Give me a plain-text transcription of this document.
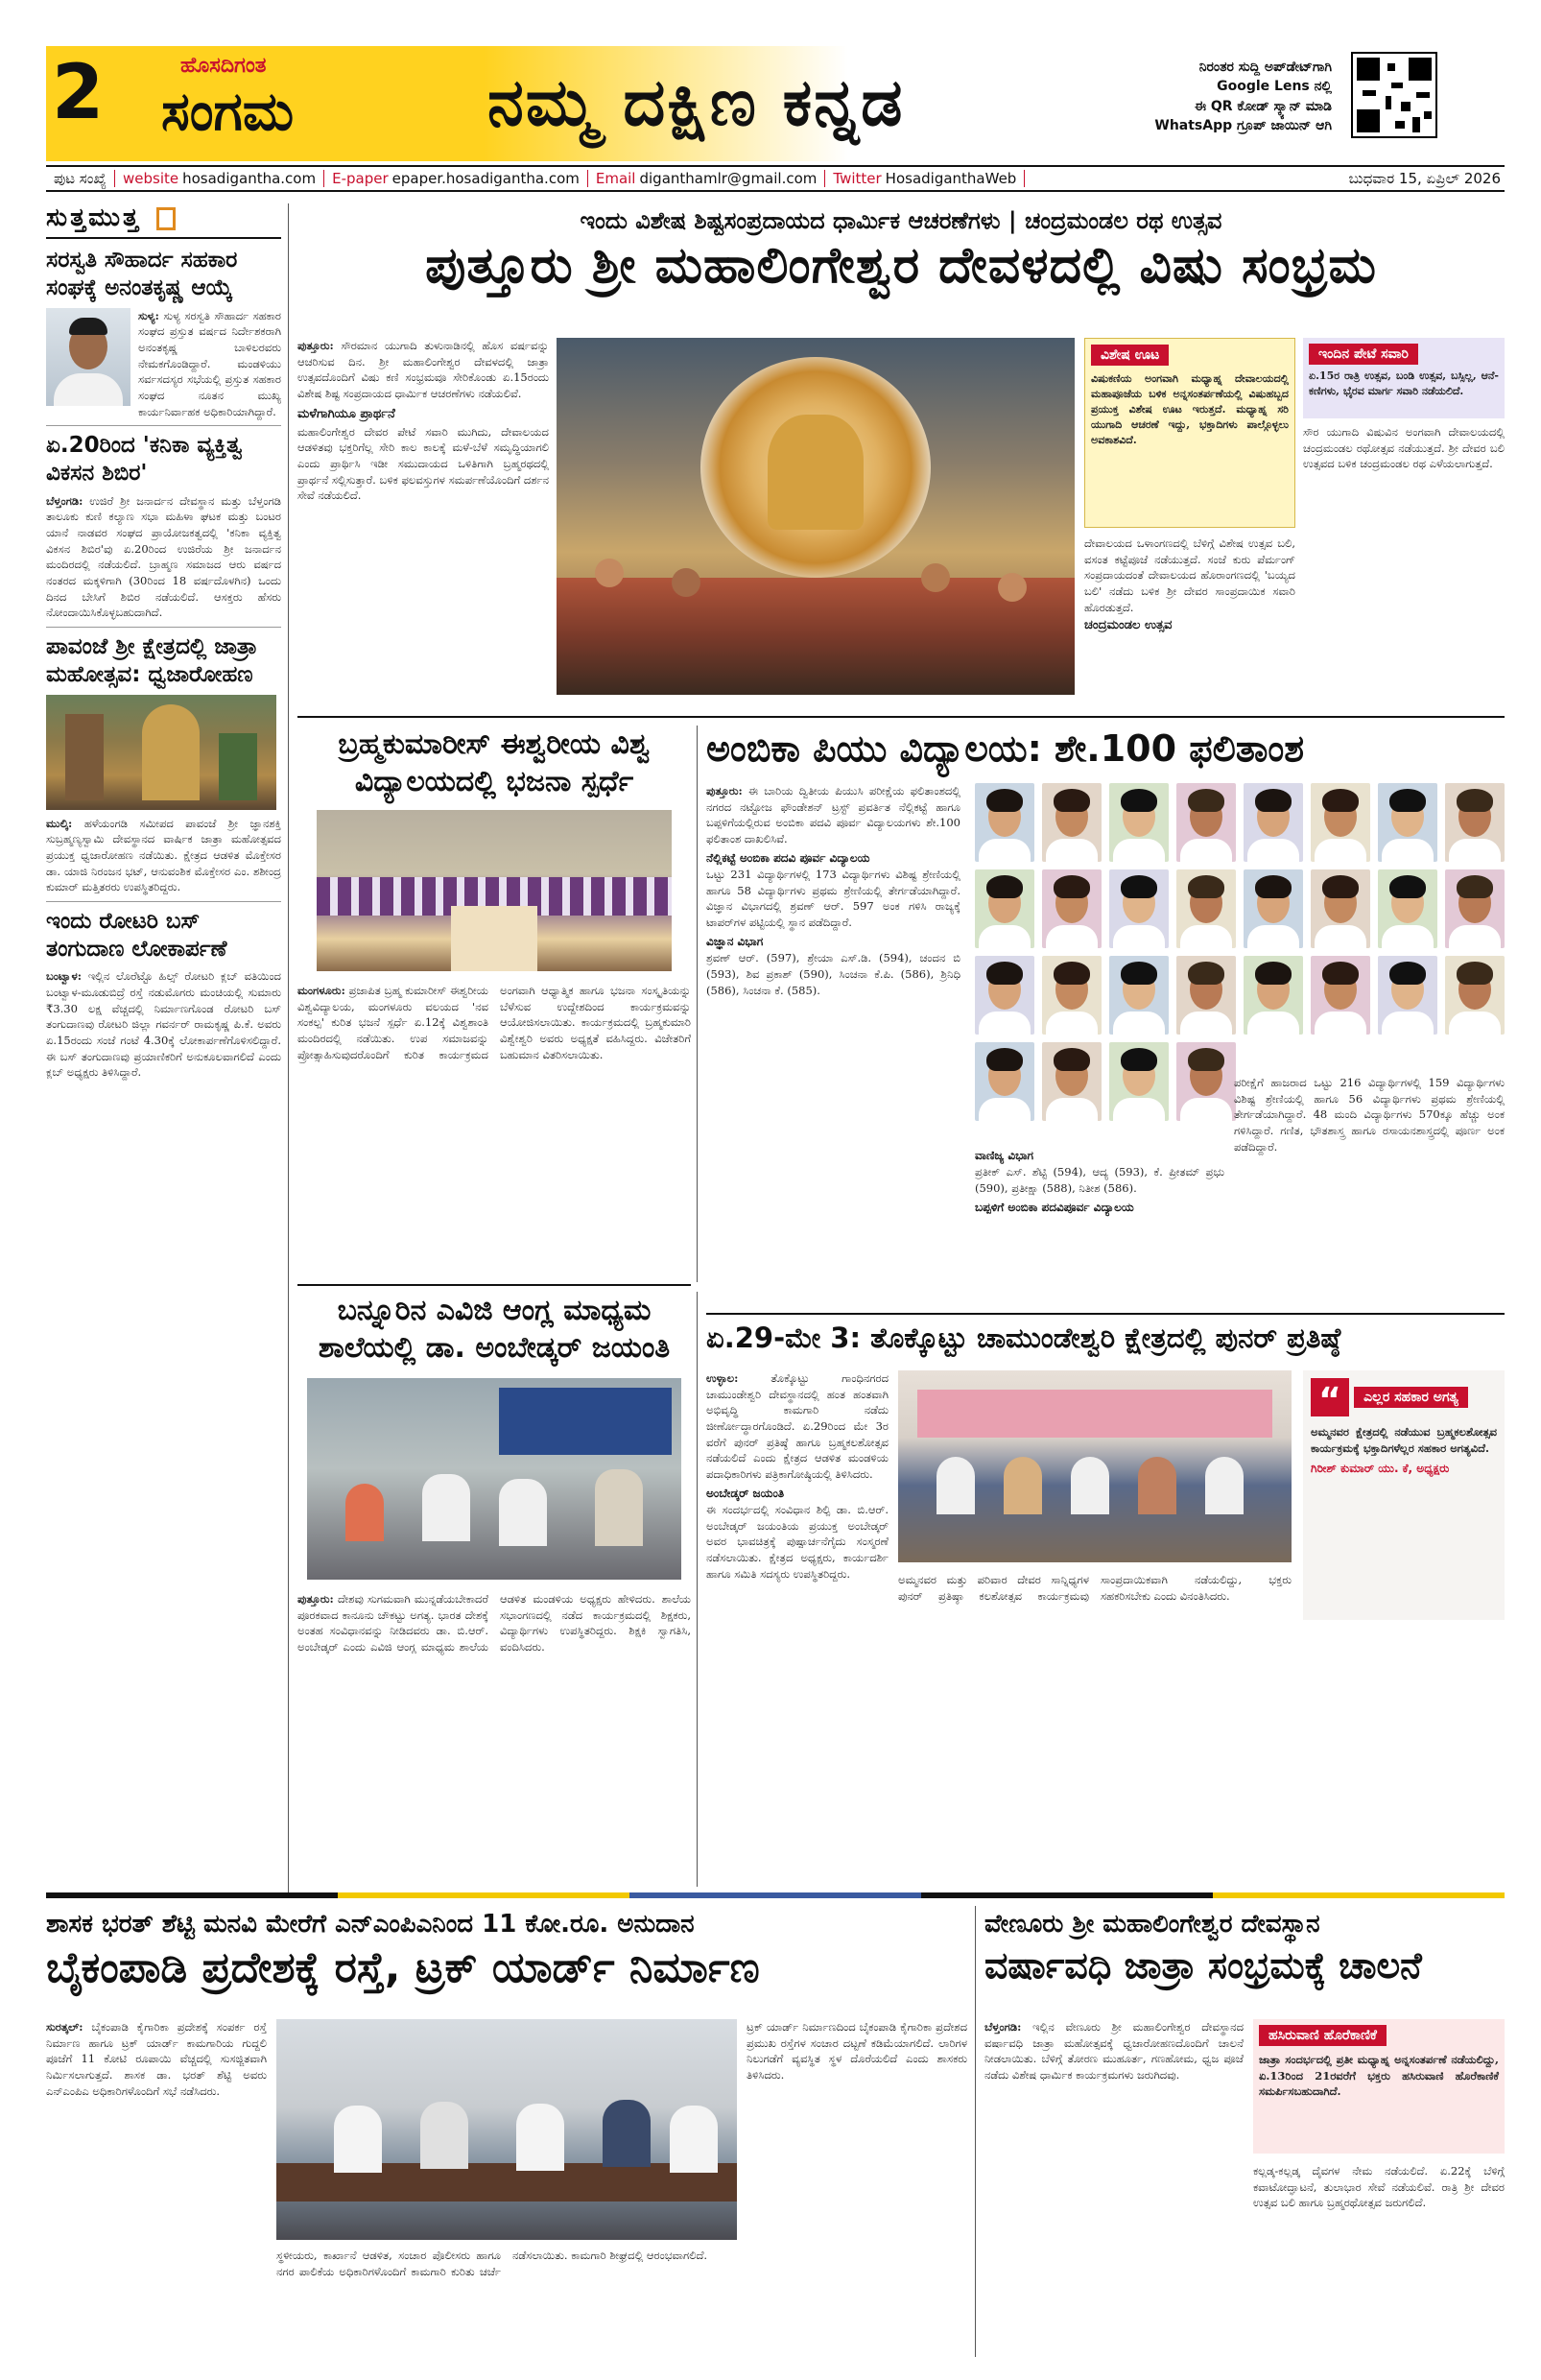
2	ಹೊಸದಿಗಂತ
ಸಂಗಮ	ನಮ್ಮ ದಕ್ಷಿಣ ಕನ್ನಡ	ನಿರಂತರ ಸುದ್ದಿ ಅಪ್‌ಡೇಟ್‌ಗಾಗಿ
Google Lens ನಲ್ಲಿ
ಈ QR ಕೋಡ್ ಸ್ಕ್ಯಾನ್ ಮಾಡಿ
WhatsApp ಗ್ರೂಪ್ ಜಾಯಿನ್ ಆಗಿ
ಪುಟ ಸಂಖ್ಯೆ	website hosadigantha.com	E-paper epaper.hosadigantha.com	Email diganthamlr@gmail.com	Twitter HosadiganthaWeb	ಬುಧವಾರ 15, ಏಪ್ರಿಲ್ 2026
ಸುತ್ತಮುತ್ತ
ಸರಸ್ವತಿ ಸೌಹಾರ್ದ ಸಹಕಾರ ಸಂಘಕ್ಕೆ ಅನಂತಕೃಷ್ಣ ಆಯ್ಕೆ
ಸುಳ್ಯ: ಸುಳ್ಯ ಸರಸ್ವತಿ ಸೌಹಾರ್ದ ಸಹಕಾರ ಸಂಘದ ಪ್ರಸ್ತುತ ವರ್ಷದ ನಿರ್ದೇಶಕರಾಗಿ ಅನಂತಕೃಷ್ಣ ಬಾಳಿಲರವರು ನೇಮಕಗೊಂಡಿದ್ದಾರೆ. ಮಂಡಳಿಯು ಸರ್ವಸದಸ್ಯರ ಸಭೆಯಲ್ಲಿ ಪ್ರಸ್ತುತ ಸಹಕಾರ ಸಂಘದ ನೂತನ ಮುಖ್ಯ ಕಾರ್ಯನಿರ್ವಾಹಕ ಅಧಿಕಾರಿಯಾಗಿದ್ದಾರೆ.
ಏ.20ರಿಂದ 'ಕನಿಕಾ ವ್ಯಕ್ತಿತ್ವ ವಿಕಸನ ಶಿಬಿರ'
ಬೆಳ್ತಂಗಡಿ: ಉಜಿರೆ ಶ್ರೀ ಜನಾರ್ದನ ದೇವಸ್ಥಾನ ಮತ್ತು ಬೆಳ್ತಂಗಡಿ ತಾಲೂಕು ಕುಣಿ ಕಲ್ಯಾಣ ಸಭಾ ಮಹಿಳಾ ಘಟಕ ಮತ್ತು ಬಂಟರ ಯಾನೆ ನಾಡವರ ಸಂಘದ ಪ್ರಾಯೋಜಕತ್ವದಲ್ಲಿ 'ಕನಿಕಾ ವ್ಯಕ್ತಿತ್ವ ವಿಕಸನ ಶಿಬಿರ'ವು ಏ.20ರಿಂದ ಉಜಿರೆಯ ಶ್ರೀ ಜನಾರ್ದನ ಮಂದಿರದಲ್ಲಿ ನಡೆಯಲಿದೆ. ಬ್ರಾಹ್ಮಣ ಸಮಾಜದ ಆರು ವರ್ಷದ ನಂತರದ ಮಕ್ಕಳಿಗಾಗಿ (30ರಿಂದ 18 ವರ್ಷದೊಳಗಿನ) ಒಂದು ದಿನದ ಬೇಸಿಗೆ ಶಿಬಿರ ನಡೆಯಲಿದೆ. ಆಸಕ್ತರು ಹೆಸರು ನೋಂದಾಯಿಸಿಕೊಳ್ಳಬಹುದಾಗಿದೆ.
ಪಾವಂಜೆ ಶ್ರೀ ಕ್ಷೇತ್ರದಲ್ಲಿ ಜಾತ್ರಾ ಮಹೋತ್ಸವ: ಧ್ವಜಾರೋಹಣ
ಮುಲ್ಕಿ: ಹಳೆಯಂಗಡಿ ಸಮೀಪದ ಪಾವಂಜೆ ಶ್ರೀ ಜ್ಞಾನಶಕ್ತಿ ಸುಬ್ರಹ್ಮಣ್ಯಸ್ವಾಮಿ ದೇವಸ್ಥಾನದ ವಾರ್ಷಿಕ ಜಾತ್ರಾ ಮಹೋತ್ಸವದ ಪ್ರಯುಕ್ತ ಧ್ವಜಾರೋಹಣ ನಡೆಯಿತು. ಕ್ಷೇತ್ರದ ಆಡಳಿತ ಮೊಕ್ತೇಸರ ಡಾ. ಯಾಜಿ ನಿರಂಜನ ಭಟ್, ಆನುವಂಶಿಕ ಮೊಕ್ತೇಸರ ಎಂ. ಶಶೀಂದ್ರ ಕುಮಾರ್ ಮತ್ತಿತರರು ಉಪಸ್ಥಿತರಿದ್ದರು.
ಇಂದು ರೋಟರಿ ಬಸ್ ತಂಗುದಾಣ ಲೋಕಾರ್ಪಣೆ
ಬಂಟ್ವಾಳ: ಇಲ್ಲಿನ ಲೊರೆಟ್ಟೊ ಹಿಲ್ಸ್ ರೋಟರಿ ಕ್ಲಬ್ ವತಿಯಿಂದ ಬಂಟ್ವಾಳ-ಮೂಡುಬಿದ್ರೆ ರಸ್ತೆ ನಡುಮೊಗರು ಮಂಚಿಯಲ್ಲಿ ಸುಮಾರು ₹3.30 ಲಕ್ಷ ವೆಚ್ಚದಲ್ಲಿ ನಿರ್ಮಾಣಗೊಂಡ ರೋಟರಿ ಬಸ್ ತಂಗುದಾಣವು ರೋಟರಿ ಜಿಲ್ಲಾ ಗವರ್ನರ್ ರಾಮಕೃಷ್ಣ ಪಿ.ಕೆ. ಅವರು ಏ.15ರಂದು ಸಂಜೆ ಗಂಟೆ 4.30ಕ್ಕೆ ಲೋಕಾರ್ಪಣೆಗೊಳಿಸಲಿದ್ದಾರೆ. ಈ ಬಸ್ ತಂಗುದಾಣವು ಪ್ರಯಾಣಿಕರಿಗೆ ಅನುಕೂಲವಾಗಲಿದೆ ಎಂದು ಕ್ಲಬ್ ಅಧ್ಯಕ್ಷರು ತಿಳಿಸಿದ್ದಾರೆ.
ಇಂದು ವಿಶೇಷ ಶಿಷ್ಟಸಂಪ್ರದಾಯದ ಧಾರ್ಮಿಕ ಆಚರಣೆಗಳು | ಚಂದ್ರಮಂಡಲ ರಥ ಉತ್ಸವ
ಪುತ್ತೂರು ಶ್ರೀ ಮಹಾಲಿಂಗೇಶ್ವರ ದೇವಳದಲ್ಲಿ ವಿಷು ಸಂಭ್ರಮ
ಪುತ್ತೂರು: ಸೌರಮಾನ ಯುಗಾದಿ ತುಳುನಾಡಿನಲ್ಲಿ ಹೊಸ ವರ್ಷವನ್ನು ಆಚರಿಸುವ ದಿನ. ಶ್ರೀ ಮಹಾಲಿಂಗೇಶ್ವರ ದೇವಳದಲ್ಲಿ ಜಾತ್ರಾ ಉತ್ಸವದೊಂದಿಗೆ ವಿಷು ಕಣಿ ಸಂಭ್ರಮವೂ ಸೇರಿಕೊಂಡು ಏ.15ರಂದು ವಿಶೇಷ ಶಿಷ್ಟ ಸಂಪ್ರದಾಯದ ಧಾರ್ಮಿಕ ಆಚರಣೆಗಳು ನಡೆಯಲಿವೆ.
ಮಳೆಗಾಗಿಯೂ ಪ್ರಾರ್ಥನೆ
ಮಹಾಲಿಂಗೇಶ್ವರ ದೇವರ ಪೇಟೆ ಸವಾರಿ ಮುಗಿದು, ದೇವಾಲಯದ ಆಡಳಿತವು ಭಕ್ತರಿಗೆಲ್ಲ ಸೇರಿ ಕಾಲ ಕಾಲಕ್ಕೆ ಮಳೆ-ಬೆಳೆ ಸಮೃದ್ಧಿಯಾಗಲಿ ಎಂದು ಪ್ರಾರ್ಥಿಸಿ ಇಡೀ ಸಮುದಾಯದ ಒಳಿತಿಗಾಗಿ ಬ್ರಹ್ಮರಥದಲ್ಲಿ ಪ್ರಾರ್ಥನೆ ಸಲ್ಲಿಸುತ್ತಾರೆ. ಬಳಿಕ ಫಲವಸ್ತುಗಳ ಸಮರ್ಪಣೆಯೊಂದಿಗೆ ದರ್ಶನ ಸೇವೆ ನಡೆಯಲಿದೆ.
ವಿಶೇಷ ಊಟ
ವಿಷುಕಣಿಯ ಅಂಗವಾಗಿ ಮಧ್ಯಾಹ್ನ ದೇವಾಲಯದಲ್ಲಿ ಮಹಾಪೂಜೆಯ ಬಳಿಕ ಅನ್ನಸಂತರ್ಪಣೆಯಲ್ಲಿ ವಿಷುಹಬ್ಬದ ಪ್ರಯುಕ್ತ ವಿಶೇಷ ಊಟ ಇರುತ್ತದೆ. ಮಧ್ಯಾಹ್ನ ಸರಿ ಯುಗಾದಿ ಆಚರಣೆ ಇದ್ದು, ಭಕ್ತಾದಿಗಳು ಪಾಲ್ಗೊಳ್ಳಲು ಅವಕಾಶವಿದೆ.
ಇಂದಿನ ಪೇಟೆ ಸವಾರಿ
ಏ.15ರ ರಾತ್ರಿ ಉತ್ಸವ, ಬಂಡಿ ಉತ್ಸವ, ಬಸ್ಸಿಲ್ಲ, ಆನೆ-ಕಣಿಗಳು, ಭೈರವ ಮಾರ್ಗ ಸವಾರಿ ನಡೆಯಲಿದೆ.
ದೇವಾಲಯದ ಒಳಾಂಗಣದಲ್ಲಿ ಬೆಳಿಗ್ಗೆ ವಿಶೇಷ ಉತ್ಸವ ಬಲಿ, ವಸಂತ ಕಟ್ಟೆಪೂಜೆ ನಡೆಯುತ್ತದೆ. ಸಂಜೆ ಕುರು ಪೆರ್ಮಂಗ್ ಸಂಪ್ರದಾಯದಂತೆ ದೇವಾಲಯದ ಹೊರಾಂಗಣದಲ್ಲಿ 'ಬಯ್ಯದ ಬಲಿ' ನಡೆದು ಬಳಿಕ ಶ್ರೀ ದೇವರ ಸಾಂಪ್ರದಾಯಿಕ ಸವಾರಿ ಹೊರಡುತ್ತದೆ.
ಚಂದ್ರಮಂಡಲ ಉತ್ಸವ
ಸೌರ ಯುಗಾದಿ ವಿಷುವಿನ ಅಂಗವಾಗಿ ದೇವಾಲಯದಲ್ಲಿ ಚಂದ್ರಮಂಡಲ ರಥೋತ್ಸವ ನಡೆಯುತ್ತದೆ. ಶ್ರೀ ದೇವರ ಬಲಿ ಉತ್ಸವದ ಬಳಿಕ ಚಂದ್ರಮಂಡಲ ರಥ ಎಳೆಯಲಾಗುತ್ತದೆ.
ಬ್ರಹ್ಮಕುಮಾರೀಸ್ ಈಶ್ವರೀಯ ವಿಶ್ವ ವಿದ್ಯಾಲಯದಲ್ಲಿ ಭಜನಾ ಸ್ಪರ್ಧೆ
ಮಂಗಳೂರು: ಪ್ರಜಾಪಿತ ಬ್ರಹ್ಮ ಕುಮಾರೀಸ್ ಈಶ್ವರೀಯ ವಿಶ್ವವಿದ್ಯಾಲಯ, ಮಂಗಳೂರು ವಲಯದ 'ನವ ಸಂಕಲ್ಪ' ಕುರಿತ ಭಜನೆ ಸ್ಪರ್ಧೆ ಏ.12ಕ್ಕೆ ವಿಶ್ವಶಾಂತಿ ಮಂದಿರದಲ್ಲಿ ನಡೆಯಿತು. ಉಪ ಸಮಾಜವನ್ನು ಪ್ರೋತ್ಸಾಹಿಸುವುದರೊಂದಿಗೆ ಕುರಿತ ಕಾರ್ಯಕ್ರಮದ ಅಂಗವಾಗಿ ಆಧ್ಯಾತ್ಮಿಕ ಹಾಗೂ ಭಜನಾ ಸಂಸ್ಕೃತಿಯನ್ನು ಬೆಳೆಸುವ ಉದ್ದೇಶದಿಂದ ಕಾರ್ಯಕ್ರಮವನ್ನು ಆಯೋಜಿಸಲಾಯಿತು. ಕಾರ್ಯಕ್ರಮದಲ್ಲಿ ಬ್ರಹ್ಮಕುಮಾರಿ ವಿಶ್ವೇಶ್ವರಿ ಅವರು ಅಧ್ಯಕ್ಷತೆ ವಹಿಸಿದ್ದರು. ವಿಜೇತರಿಗೆ ಬಹುಮಾನ ವಿತರಿಸಲಾಯಿತು.
ಬನ್ನೂರಿನ ಎವಿಜಿ ಆಂಗ್ಲ ಮಾಧ್ಯಮ ಶಾಲೆಯಲ್ಲಿ ಡಾ. ಅಂಬೇಡ್ಕರ್ ಜಯಂತಿ
ಪುತ್ತೂರು: ದೇಶವು ಸುಗಮವಾಗಿ ಮುನ್ನಡೆಯಬೇಕಾದರೆ ಪೂರಕವಾದ ಕಾನೂನು ಚೌಕಟ್ಟು ಅಗತ್ಯ. ಭಾರತ ದೇಶಕ್ಕೆ ಅಂತಹ ಸಂವಿಧಾನವನ್ನು ನೀಡಿದವರು ಡಾ. ಬಿ.ಆರ್. ಅಂಬೇಡ್ಕರ್ ಎಂದು ಎವಿಜಿ ಆಂಗ್ಲ ಮಾಧ್ಯಮ ಶಾಲೆಯ ಆಡಳಿತ ಮಂಡಳಿಯ ಅಧ್ಯಕ್ಷರು ಹೇಳಿದರು. ಶಾಲೆಯ ಸಭಾಂಗಣದಲ್ಲಿ ನಡೆದ ಕಾರ್ಯಕ್ರಮದಲ್ಲಿ ಶಿಕ್ಷಕರು, ವಿದ್ಯಾರ್ಥಿಗಳು ಉಪಸ್ಥಿತರಿದ್ದರು. ಶಿಕ್ಷಕಿ ಸ್ವಾಗತಿಸಿ, ವಂದಿಸಿದರು.
ಅಂಬಿಕಾ ಪಿಯು ವಿದ್ಯಾಲಯ: ಶೇ.100 ಫಲಿತಾಂಶ
ಪುತ್ತೂರು: ಈ ಬಾರಿಯ ದ್ವಿತೀಯ ಪಿಯುಸಿ ಪರೀಕ್ಷೆಯ ಫಲಿತಾಂಶದಲ್ಲಿ ನಗರದ ನಟ್ಟೋಜ ಫೌಂಡೇಶನ್ ಟ್ರಸ್ಟ್ ಪ್ರವರ್ತಿತ ನೆಲ್ಲಿಕಟ್ಟೆ ಹಾಗೂ ಬಪ್ಪಳಿಗೆಯಲ್ಲಿರುವ ಅಂಬಿಕಾ ಪದವಿ ಪೂರ್ವ ವಿದ್ಯಾಲಯಗಳು ಶೇ.100 ಫಲಿತಾಂಶ ದಾಖಲಿಸಿವೆ.
ನೆಲ್ಲಿಕಟ್ಟೆ ಅಂಬಿಕಾ ಪದವಿ ಪೂರ್ವ ವಿದ್ಯಾಲಯ
ಒಟ್ಟು 231 ವಿದ್ಯಾರ್ಥಿಗಳಲ್ಲಿ 173 ವಿದ್ಯಾರ್ಥಿಗಳು ವಿಶಿಷ್ಟ ಶ್ರೇಣಿಯಲ್ಲಿ ಹಾಗೂ 58 ವಿದ್ಯಾರ್ಥಿಗಳು ಪ್ರಥಮ ಶ್ರೇಣಿಯಲ್ಲಿ ತೇರ್ಗಡೆಯಾಗಿದ್ದಾರೆ. ವಿಜ್ಞಾನ ವಿಭಾಗದಲ್ಲಿ ಶ್ರವಣ್ ಆರ್. 597 ಅಂಕ ಗಳಿಸಿ ರಾಜ್ಯಕ್ಕೆ ಟಾಪರ್‌ಗಳ ಪಟ್ಟಿಯಲ್ಲಿ ಸ್ಥಾನ ಪಡೆದಿದ್ದಾರೆ.
ವಿಜ್ಞಾನ ವಿಭಾಗ
ಶ್ರವಣ್ ಆರ್. (597), ಶ್ರೇಯಾ ಎಸ್.ಡಿ. (594), ಚಂದನ ಬಿ (593), ಶಿವ ಪ್ರಕಾಶ್ (590), ಸಿಂಚನಾ ಕೆ.ಪಿ. (586), ಶ್ರಿನಿಧಿ (586), ಸಿಂಚನಾ ಕೆ. (585).
ವಾಣಿಜ್ಯ ವಿಭಾಗ
ಪ್ರತೀಕ್ ಎಸ್. ಶೆಟ್ಟಿ (594), ಆದ್ಯ (593), ಕೆ. ಪ್ರೀತಮ್ ಪ್ರಭು (590), ಪ್ರತೀಕ್ಷಾ (588), ನಿತೀಶ (586).
ಬಪ್ಪಳಿಗೆ ಅಂಬಿಕಾ ಪದವಿಪೂರ್ವ ವಿದ್ಯಾಲಯ
ಪರೀಕ್ಷೆಗೆ ಹಾಜರಾದ ಒಟ್ಟು 216 ವಿದ್ಯಾರ್ಥಿಗಳಲ್ಲಿ 159 ವಿದ್ಯಾರ್ಥಿಗಳು ವಿಶಿಷ್ಟ ಶ್ರೇಣಿಯಲ್ಲಿ ಹಾಗೂ 56 ವಿದ್ಯಾರ್ಥಿಗಳು ಪ್ರಥಮ ಶ್ರೇಣಿಯಲ್ಲಿ ತೇರ್ಗಡೆಯಾಗಿದ್ದಾರೆ. 48 ಮಂದಿ ವಿದ್ಯಾರ್ಥಿಗಳು 570ಕ್ಕೂ ಹೆಚ್ಚು ಅಂಕ ಗಳಿಸಿದ್ದಾರೆ. ಗಣಿತ, ಭೌತಶಾಸ್ತ್ರ ಹಾಗೂ ರಸಾಯನಶಾಸ್ತ್ರದಲ್ಲಿ ಪೂರ್ಣ ಅಂಕ ಪಡೆದಿದ್ದಾರೆ.
ಏ.29-ಮೇ 3: ತೊಕ್ಕೊಟ್ಟು ಚಾಮುಂಡೇಶ್ವರಿ ಕ್ಷೇತ್ರದಲ್ಲಿ ಪುನರ್ ಪ್ರತಿಷ್ಠೆ
ಉಳ್ಳಾಲ:	ತೊಕ್ಕೊಟ್ಟು ಗಾಂಧಿನಗರದ ಚಾಮುಂಡೇಶ್ವರಿ ದೇವಸ್ಥಾನದಲ್ಲಿ ಹಂತ ಹಂತವಾಗಿ ಅಭಿವೃದ್ಧಿ ಕಾಮಗಾರಿ ನಡೆದು ಜೀರ್ಣೋದ್ಧಾರಗೊಂಡಿದೆ. ಏ.29ರಿಂದ ಮೇ 3ರ ವರೆಗೆ ಪುನರ್ ಪ್ರತಿಷ್ಠೆ ಹಾಗೂ ಬ್ರಹ್ಮಕಲಶೋತ್ಸವ ನಡೆಯಲಿದೆ ಎಂದು ಕ್ಷೇತ್ರದ ಆಡಳಿತ ಮಂಡಳಿಯ ಪದಾಧಿಕಾರಿಗಳು ಪತ್ರಿಕಾಗೋಷ್ಠಿಯಲ್ಲಿ ತಿಳಿಸಿದರು.
ಅಂಬೇಡ್ಕರ್ ಜಯಂತಿ
ಈ ಸಂದರ್ಭದಲ್ಲಿ ಸಂವಿಧಾನ ಶಿಲ್ಪಿ ಡಾ. ಬಿ.ಆರ್. ಅಂಬೇಡ್ಕರ್ ಜಯಂತಿಯ ಪ್ರಯುಕ್ತ ಅಂಬೇಡ್ಕರ್ ಅವರ ಭಾವಚಿತ್ರಕ್ಕೆ ಪುಷ್ಪಾರ್ಚನೆಗೈದು ಸಂಸ್ಮರಣೆ ನಡೆಸಲಾಯಿತು. ಕ್ಷೇತ್ರದ ಅಧ್ಯಕ್ಷರು, ಕಾರ್ಯದರ್ಶಿ ಹಾಗೂ ಸಮಿತಿ ಸದಸ್ಯರು ಉಪಸ್ಥಿತರಿದ್ದರು.	ಅಮ್ಮನವರ ಮತ್ತು ಪರಿವಾರ ದೇವರ ಸಾನ್ನಿಧ್ಯಗಳ ಪುನರ್ ಪ್ರತಿಷ್ಠಾ ಕಲಶೋತ್ಸವ ಕಾರ್ಯಕ್ರಮವು ಸಾಂಪ್ರದಾಯಿಕವಾಗಿ ನಡೆಯಲಿದ್ದು, ಭಕ್ತರು ಸಹಕರಿಸಬೇಕು ಎಂದು ವಿನಂತಿಸಿದರು.
“ ಎಲ್ಲರ ಸಹಕಾರ ಅಗತ್ಯ
ಅಮ್ಮನವರ ಕ್ಷೇತ್ರದಲ್ಲಿ ನಡೆಯುವ ಬ್ರಹ್ಮಕಲಶೋತ್ಸವ ಕಾರ್ಯಕ್ರಮಕ್ಕೆ ಭಕ್ತಾದಿಗಳೆಲ್ಲರ ಸಹಕಾರ ಅಗತ್ಯವಿದೆ.
ಗಿರೀಶ್ ಕುಮಾರ್ ಯು. ಕೆ, ಅಧ್ಯಕ್ಷರು
ಶಾಸಕ ಭರತ್ ಶೆಟ್ಟಿ ಮನವಿ ಮೇರೆಗೆ ಎನ್‌ಎಂಪಿಎನಿಂದ 11 ಕೋ.ರೂ. ಅನುದಾನ
ಬೈಕಂಪಾಡಿ ಪ್ರದೇಶಕ್ಕೆ ರಸ್ತೆ, ಟ್ರಕ್ ಯಾರ್ಡ್ ನಿರ್ಮಾಣ
ಸುರತ್ಕಲ್: ಬೈಕಂಪಾಡಿ ಕೈಗಾರಿಕಾ ಪ್ರದೇಶಕ್ಕೆ ಸಂಪರ್ಕ ರಸ್ತೆ ನಿರ್ಮಾಣ ಹಾಗೂ ಟ್ರಕ್ ಯಾರ್ಡ್ ಕಾಮಗಾರಿಯ ಗುದ್ದಲಿ ಪೂಜೆಗೆ 11 ಕೋಟಿ ರೂಪಾಯಿ ವೆಚ್ಚದಲ್ಲಿ ಸುಸಜ್ಜಿತವಾಗಿ ನಿರ್ಮಿಸಲಾಗುತ್ತದೆ. ಶಾಸಕ ಡಾ. ಭರತ್ ಶೆಟ್ಟಿ ಅವರು ಎನ್‌ಎಂಪಿಎ ಅಧಿಕಾರಿಗಳೊಂದಿಗೆ ಸಭೆ ನಡೆಸಿದರು.
ಸ್ಥಳೀಯರು, ಕಾರ್ಖಾನೆ ಆಡಳಿತ, ಸಂಚಾರ ಪೊಲೀಸರು ಹಾಗೂ ನಗರ ಪಾಲಿಕೆಯ ಅಧಿಕಾರಿಗಳೊಂದಿಗೆ ಕಾಮಗಾರಿ ಕುರಿತು ಚರ್ಚೆ ನಡೆಸಲಾಯಿತು. ಕಾಮಗಾರಿ ಶೀಘ್ರದಲ್ಲಿ ಆರಂಭವಾಗಲಿದೆ.
ಟ್ರಕ್ ಯಾರ್ಡ್ ನಿರ್ಮಾಣದಿಂದ ಬೈಕಂಪಾಡಿ ಕೈಗಾರಿಕಾ ಪ್ರದೇಶದ ಪ್ರಮುಖ ರಸ್ತೆಗಳ ಸಂಚಾರ ದಟ್ಟಣೆ ಕಡಿಮೆಯಾಗಲಿದೆ. ಲಾರಿಗಳ ನಿಲುಗಡೆಗೆ ವ್ಯವಸ್ಥಿತ ಸ್ಥಳ ದೊರೆಯಲಿದೆ ಎಂದು ಶಾಸಕರು ತಿಳಿಸಿದರು.
ವೇಣೂರು ಶ್ರೀ ಮಹಾಲಿಂಗೇಶ್ವರ ದೇವಸ್ಥಾನ
ವರ್ಷಾವಧಿ ಜಾತ್ರಾ ಸಂಭ್ರಮಕ್ಕೆ ಚಾಲನೆ
ಬೆಳ್ತಂಗಡಿ: ಇಲ್ಲಿನ ವೇಣೂರು ಶ್ರೀ ಮಹಾಲಿಂಗೇಶ್ವರ ದೇವಸ್ಥಾನದ ವರ್ಷಾವಧಿ ಜಾತ್ರಾ ಮಹೋತ್ಸವಕ್ಕೆ ಧ್ವಜಾರೋಹಣದೊಂದಿಗೆ ಚಾಲನೆ ನೀಡಲಾಯಿತು. ಬೆಳಿಗ್ಗೆ ತೋರಣ ಮುಹೂರ್ತ, ಗಣಹೋಮ, ಧ್ವಜ ಪೂಜೆ ನಡೆದು ವಿಶೇಷ ಧಾರ್ಮಿಕ ಕಾರ್ಯಕ್ರಮಗಳು ಜರುಗಿದವು.
ಹಸಿರುವಾಣಿ ಹೊರೆಕಾಣಿಕೆ
ಜಾತ್ರಾ ಸಂದರ್ಭದಲ್ಲಿ ಪ್ರತೀ ಮಧ್ಯಾಹ್ನ ಅನ್ನಸಂತರ್ಪಣೆ ನಡೆಯಲಿದ್ದು, ಏ.13ರಿಂದ 21ರವರೆಗೆ ಭಕ್ತರು ಹಸಿರುವಾಣಿ ಹೊರೆಕಾಣಿಕೆ ಸಮರ್ಪಿಸಬಹುದಾಗಿದೆ.
ಕಲ್ಲಡ್ಕ-ಕಲ್ಲಡ್ಕ ದೈವಗಳ ನೇಮ ನಡೆಯಲಿದೆ. ಏ.22ಕ್ಕೆ ಬೆಳಿಗ್ಗೆ ಕವಾಟೋದ್ಘಾಟನೆ, ತುಲಾಭಾರ ಸೇವೆ ನಡೆಯಲಿವೆ. ರಾತ್ರಿ ಶ್ರೀ ದೇವರ ಉತ್ಸವ ಬಲಿ ಹಾಗೂ ಬ್ರಹ್ಮರಥೋತ್ಸವ ಜರುಗಲಿದೆ.
